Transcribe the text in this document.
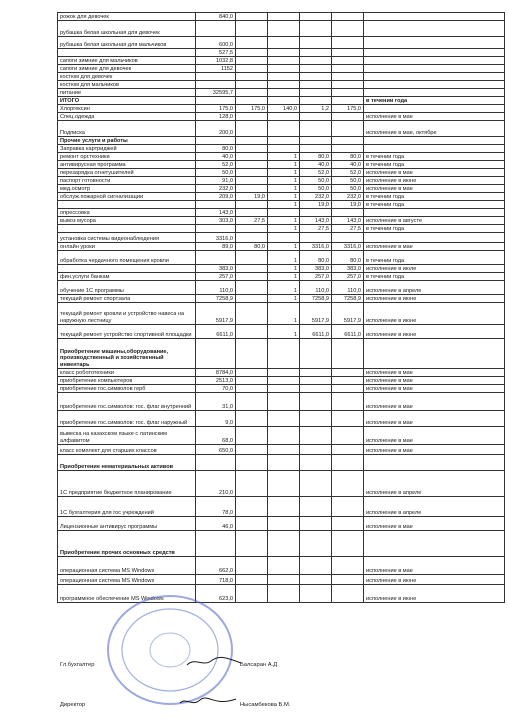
рожок для девочек	840,0					
рубашка белая школьная для девочек						
рубашка белая школьная для мальчиков	600,0					
	527,5					
сапоги зимние для мальчиков	1032,8					
сапоги зимние для девочек	1152					
костюм для девочек						
костюм для мальчиков						
питание	32595,7					
ИТОГО						в течении года
Хлоргексин	175,0	175,0	140,0	1,2	175,0	
Спец.одежда	128,0					исполнение в мае
Подписка	200,0					исполнение в мае, октябре
Прочие услуги и работы						
Заправка картриджей	80,0					
ремонт орг.техники	40,0		1	80,0	80,0	в течении года
антивирусная программа	52,0		1	40,0	40,0	в течении года
перезарядка огнетушителей	50,0		1	52,0	52,0	исполнение в мае
паспорт готовности	91,0		1	50,0	50,0	исполнение в июне
мед.осмотр	232,0		1	50,0	50,0	исполнение в мае
обслуж.пожарной сигнализации	209,0	19,0	1	232,0	232,0	в течении года
			1	19,0	19,0	в течении года
опрессовка	143,0					
вывоз мусора	303,0	27,5	1	143,0	143,0	исполнение в августе
			1	27,5	27,5	в течении года
установка системы видеонаблюдения	3316,0					
онлайн уроки	89,0	80,0	1	3316,0	3316,0	исполнение в мае
обработка чердачного помещения кровли			1	80,0	80,0	в течении года
	383,0		1	383,0	383,0	исполнение в июле
фин.услуги банкам	257,0		1	257,0	257,0	в течении года
обучение 1С программы	110,0		1	110,0	110,0	исполнение в апреле
текущий ремонт спортзала	7258,9		1	7258,9	7258,9	исполнение в июне
текущий ремонт кровли и устройство навеса на наружную лестницу	5917,9		1	5917,9	5917,9	исполнение в июне
текущий ремонт устройство спортивной площадки	6611,0		1	6611,0	6611,0	исполнение в июне
Приобретение машины,оборудование, производственный и хозяйственный инвентарь						
класс робототехники	8784,0					исполнение в мае
приобретение компьютеров	2513,0					исполнение в мае
приобретение гос.символов герб	70,0					исполнение в мае
приобретение гос.символов: гос. флаг внутренний	31,0					исполнение в мае
приобретение гос.символов: гос. флаг наружный	9,0					исполнение в мае
вывеска на казахском языке с латинским алфавитом	68,0					исполнение в мае
класс комплект для старших классов	650,0					исполнение в мае
Приобретение нематериальных активов						
1С предприятие бюджетное планирование	210,0					исполнение в апреле
1С бухгалтерия для гос учреждений	78,0					исполнение в апреле
Лицензионные антивирус программы	46,0					исполнение в мае
Приобретение прочих основных средств						
операционная система MS Windows	662,0					исполнение в мае
операционная система MS Windows	718,0					исполнение в июне
программное обеспечение MS Windows	623,0					исполнение в июне
Гл.бухгалтер	Балсаран А.Д
Директор	Нысамбекова Б.М.
